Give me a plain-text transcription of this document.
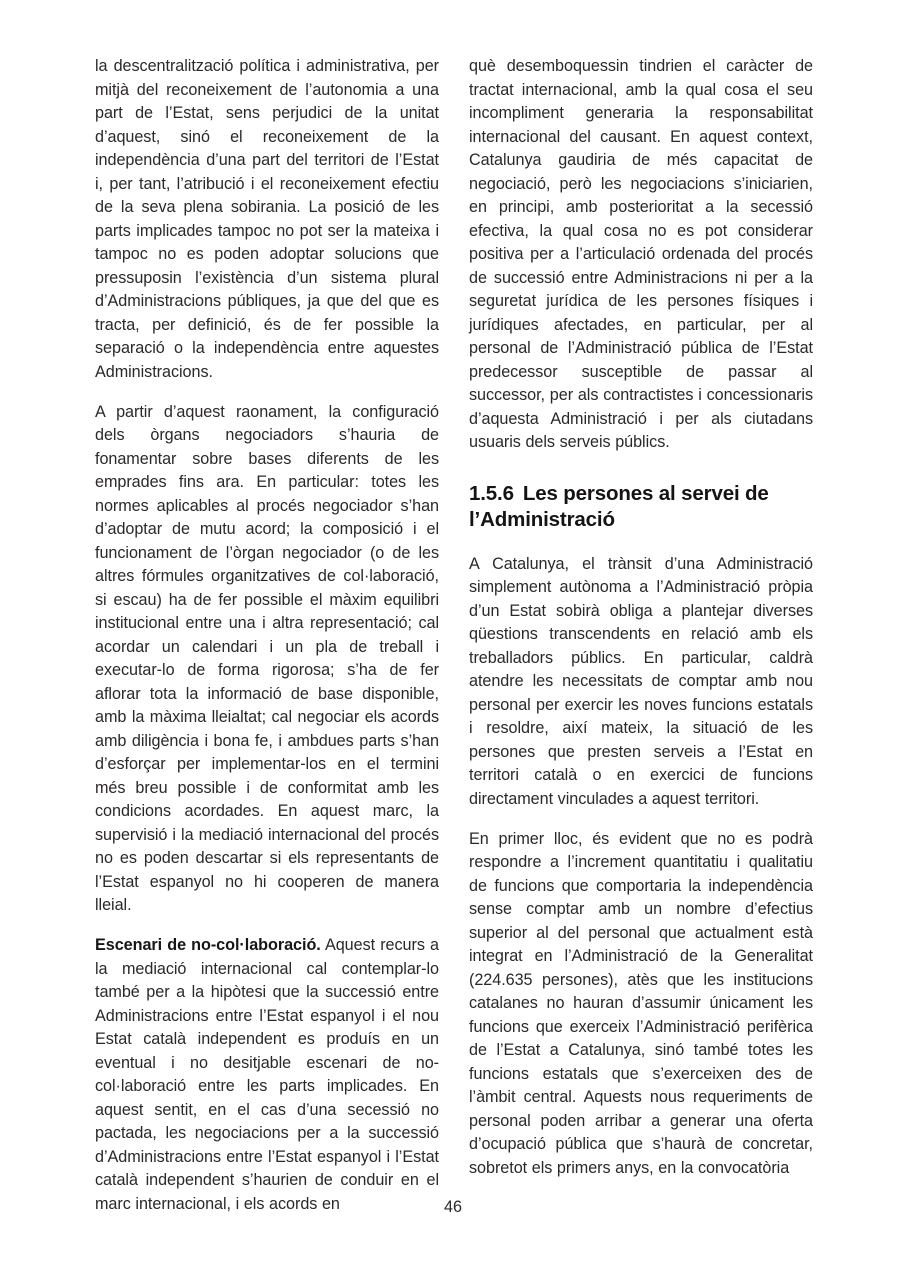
la descentralització política i administrativa, per mitjà del reconeixement de l’autonomia a una part de l’Estat, sens perjudici de la unitat d’aquest, sinó el reconeixement de la independència d’una part del territori de l’Estat i, per tant, l’atribució i el reconeixement efectiu de la seva plena sobirania. La posició de les parts implicades tampoc no pot ser la mateixa i tampoc no es poden adoptar solucions que pressuposin l’existència d’un sistema plural d’Administracions públiques, ja que del que es tracta, per definició, és de fer possible la separació o la independència entre aquestes Administracions.

A partir d’aquest raonament, la configuració dels òrgans negociadors s’hauria de fonamentar sobre bases diferents de les emprades fins ara. En particular: totes les normes aplicables al procés negociador s’han d’adoptar de mutu acord; la composició i el funcionament de l’òrgan negociador (o de les altres fórmules organitzatives de col·laboració, si escau) ha de fer possible el màxim equilibri institucional entre una i altra representació; cal acordar un calendari i un pla de treball i executar-lo de forma rigorosa; s’ha de fer aflorar tota la informació de base disponible, amb la màxima lleialtat; cal negociar els acords amb diligència i bona fe, i ambdues parts s’han d’esforçar per implementar-los en el termini més breu possible i de conformitat amb les condicions acordades. En aquest marc, la supervisió i la mediació internacional del procés no es poden descartar si els representants de l’Estat espanyol no hi cooperen de manera lleial.

Escenari de no-col·laboració. Aquest recurs a la mediació internacional cal contemplar-lo també per a la hipòtesi que la successió entre Administracions entre l’Estat espanyol i el nou Estat català independent es produís en un eventual i no desitjable escenari de no-col·laboració entre les parts implicades. En aquest sentit, en el cas d’una secessió no pactada, les negociacions per a la successió d’Administracions entre l’Estat espanyol i l’Estat català independent s’haurien de conduir en el marc internacional, i els acords en

què desemboquessin tindrien el caràcter de tractat internacional, amb la qual cosa el seu incompliment generaria la responsabilitat internacional del causant. En aquest context, Catalunya gaudiria de més capacitat de negociació, però les negociacions s’iniciarien, en principi, amb posterioritat a la secessió efectiva, la qual cosa no es pot considerar positiva per a l’articulació ordenada del procés de successió entre Administracions ni per a la seguretat jurídica de les persones físiques i jurídiques afectades, en particular, per al personal de l’Administració pública de l’Estat predecessor susceptible de passar al successor, per als contractistes i concessionaris d’aquesta Administració i per als ciutadans usuaris dels serveis públics.

1.5.6 Les persones al servei de l’Administració

A Catalunya, el trànsit d’una Administració simplement autònoma a l’Administració pròpia d’un Estat sobirà obliga a plantejar diverses qüestions transcendents en relació amb els treballadors públics. En particular, caldrà atendre les necessitats de comptar amb nou personal per exercir les noves funcions estatals i resoldre, així mateix, la situació de les persones que presten serveis a l’Estat en territori català o en exercici de funcions directament vinculades a aquest territori.

En primer lloc, és evident que no es podrà respondre a l’increment quantitatiu i qualitatiu de funcions que comportaria la independència sense comptar amb un nombre d’efectius superior al del personal que actualment està integrat en l’Administració de la Generalitat (224.635 persones), atès que les institucions catalanes no hauran d’assumir únicament les funcions que exerceix l’Administració perifèrica de l’Estat a Catalunya, sinó també totes les funcions estatals que s’exerceixen des de l’àmbit central. Aquests nous requeriments de personal poden arribar a generar una oferta d’ocupació pública que s’haurà de concretar, sobretot els primers anys, en la convocatòria

46
